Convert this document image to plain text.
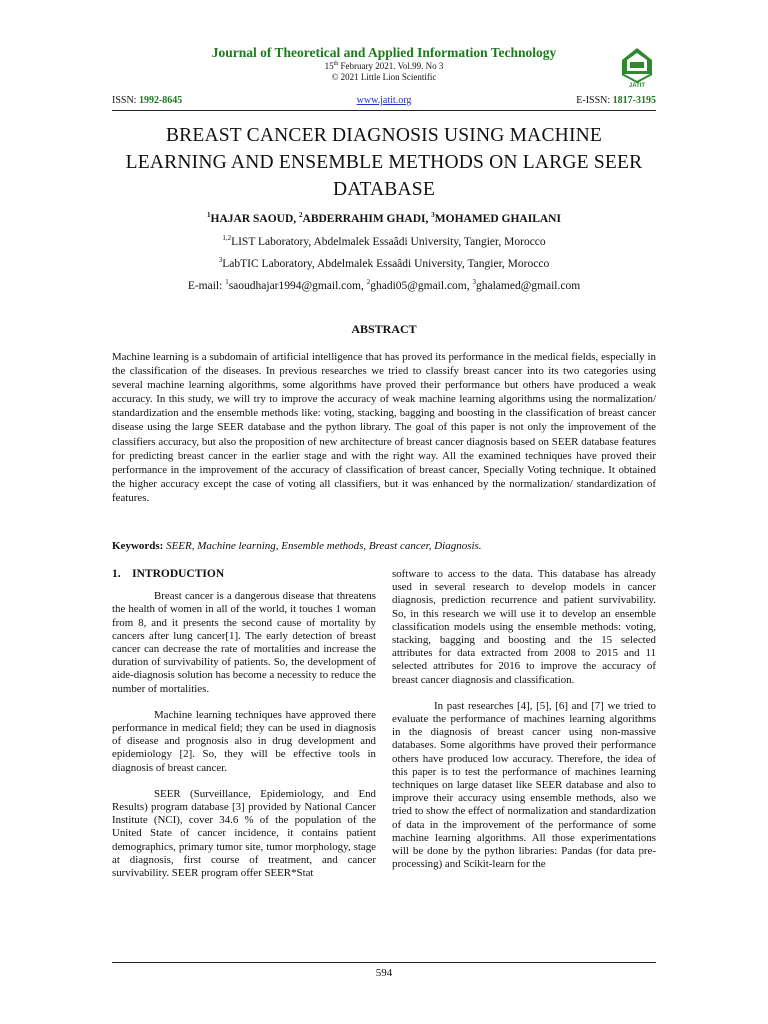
Journal of Theoretical and Applied Information Technology
15th February 2021. Vol.99. No 3
© 2021 Little Lion Scientific
JATIT
ISSN: 1992-8645	www.jatit.org	E-ISSN: 1817-3195
BREAST CANCER DIAGNOSIS USING MACHINE
LEARNING AND ENSEMBLE METHODS ON LARGE SEER
DATABASE
$^1$HAJAR SAOUD, $^2$ABDERRAHIM GHADI, $^3$MOHAMED GHAILANI
$^{1,2}$LIST Laboratory, Abdelmalek Essaâdi University, Tangier, Morocco
$^3$LabTIC Laboratory, Abdelmalek Essaâdi University, Tangier, Morocco
E-mail: $^1$saoudhajar1994@gmail.com, $^2$ghadi05@gmail.com, $^3$ghalamed@gmail.com
ABSTRACT
Machine learning is a subdomain of artificial intelligence that has proved its performance in the medical fields, especially in the classification of the diseases. In previous researches we tried to classify breast cancer into its two categories using several machine learning algorithms, some algorithms have proved their performance but others have produced a weak accuracy. In this study, we will try to improve the accuracy of weak machine learning algorithms using the normalization/ standardization and the ensemble methods like: voting, stacking, bagging and boosting in the classification of breast cancer disease using the large SEER database and the python library. The goal of this paper is not only the improvement of the classifiers accuracy, but also the proposition of new architecture of breast cancer diagnosis based on SEER database features for predicting breast cancer in the earlier stage and with the right way. All the examined techniques have proved their performance in the improvement of the accuracy of classification of breast cancer, Specially Voting technique. It obtained the higher accuracy except the case of voting all classifiers, but it was enhanced by the normalization/ standardization of features.
Keywords: SEER, Machine learning, Ensemble methods, Breast cancer, Diagnosis.
1.    INTRODUCTION

Breast cancer is a dangerous disease that threatens the health of women in all of the world, it touches 1 woman from 8, and it presents the second cause of mortality by cancers after lung cancer[1]. The early detection of breast cancer can decrease the rate of mortalities and increase the duration of survivability of patients. So, the development of aide-diagnosis solution has become a necessity to reduce the number of mortalities.

Machine learning techniques have approved there performance in medical field; they can be used in diagnosis of disease and prognosis also in drug development and epidemiology [2]. So, they will be effective tools in diagnosis of breast cancer.

SEER (Surveillance, Epidemiology, and End Results) program database [3] provided by National Cancer Institute (NCI), cover 34.6 % of the population of the United State of cancer incidence, it contains patient demographics, primary tumor site, tumor morphology, stage at diagnosis, first course of treatment, and cancer survivability. SEER program offer SEER*Stat

software to access to the data. This database has already used in several research to develop models in cancer diagnosis, prediction recurrence and patient survivability. So, in this research we will use it to develop an ensemble classification models using the ensemble methods: voting, stacking, bagging and boosting and the 15 selected attributes for data extracted from 2008 to 2015 and 11 selected attributes for 2016 to improve the accuracy of breast cancer diagnosis and classification.

In past researches [4], [5], [6] and [7] we tried to evaluate the performance of machines learning algorithms in the diagnosis of breast cancer using non-massive databases. Some algorithms have proved their performance others have produced low accuracy. Therefore, the idea of this paper is to test the performance of machines learning techniques on large dataset like SEER database and also to improve their accuracy using ensemble methods, also we tried to show the effect of normalization and standardization of data in the improvement of the performance of some machine learning algorithms. All those experimentations will be done by the python libraries: Pandas (for data pre-processing) and Scikit-learn for the

594
